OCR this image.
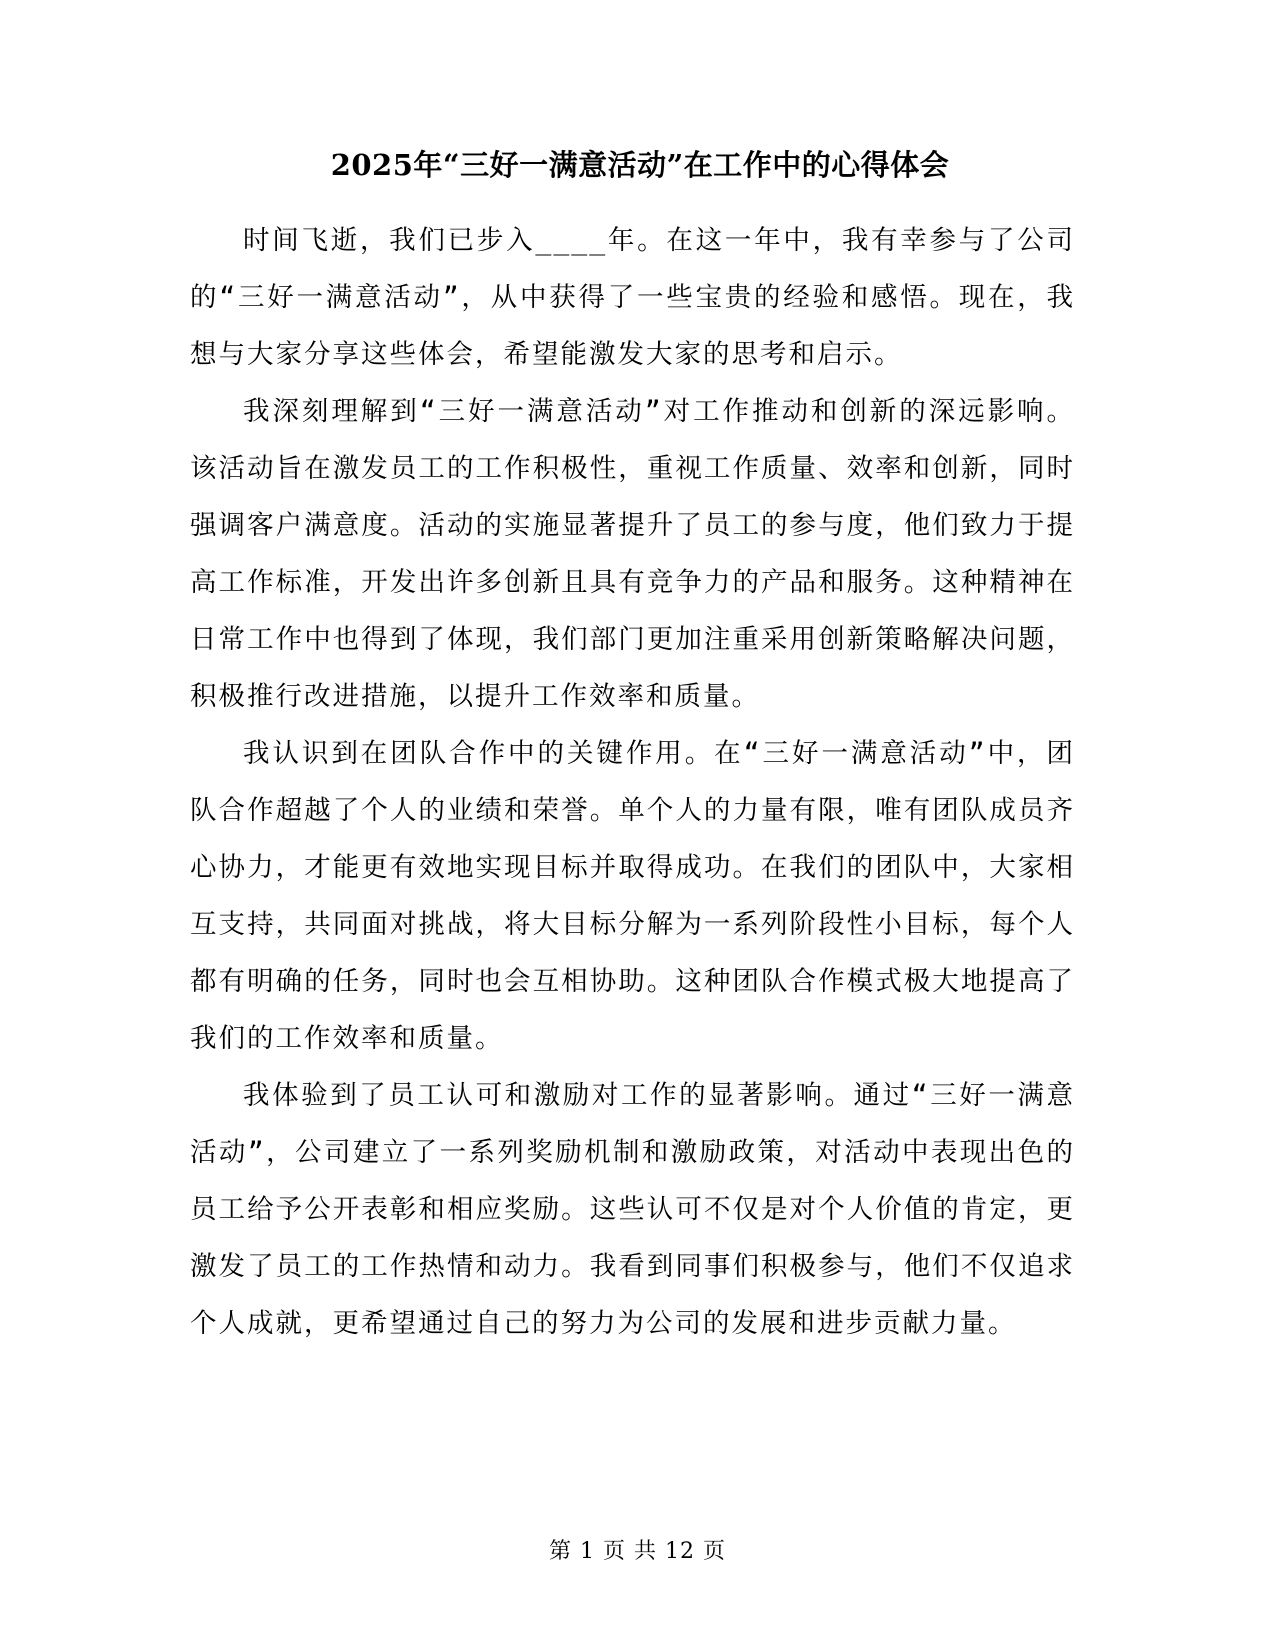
2025年“三好一满意活动”在工作中的心得体会

时间飞逝，我们已步入____年。在这一年中，我有幸参与了公司的“三好一满意活动”，从中获得了一些宝贵的经验和感悟。现在，我想与大家分享这些体会，希望能激发大家的思考和启示。

我深刻理解到“三好一满意活动”对工作推动和创新的深远影响。该活动旨在激发员工的工作积极性，重视工作质量、效率和创新，同时强调客户满意度。活动的实施显著提升了员工的参与度，他们致力于提高工作标准，开发出许多创新且具有竞争力的产品和服务。这种精神在日常工作中也得到了体现，我们部门更加注重采用创新策略解决问题，积极推行改进措施，以提升工作效率和质量。

我认识到在团队合作中的关键作用。在“三好一满意活动”中，团队合作超越了个人的业绩和荣誉。单个人的力量有限，唯有团队成员齐心协力，才能更有效地实现目标并取得成功。在我们的团队中，大家相互支持，共同面对挑战，将大目标分解为一系列阶段性小目标，每个人都有明确的任务，同时也会互相协助。这种团队合作模式极大地提高了我们的工作效率和质量。

我体验到了员工认可和激励对工作的显著影响。通过“三好一满意活动”，公司建立了一系列奖励机制和激励政策，对活动中表现出色的员工给予公开表彰和相应奖励。这些认可不仅是对个人价值的肯定，更激发了员工的工作热情和动力。我看到同事们积极参与，他们不仅追求个人成就，更希望通过自己的努力为公司的发展和进步贡献力量。

第 1 页 共 12 页
